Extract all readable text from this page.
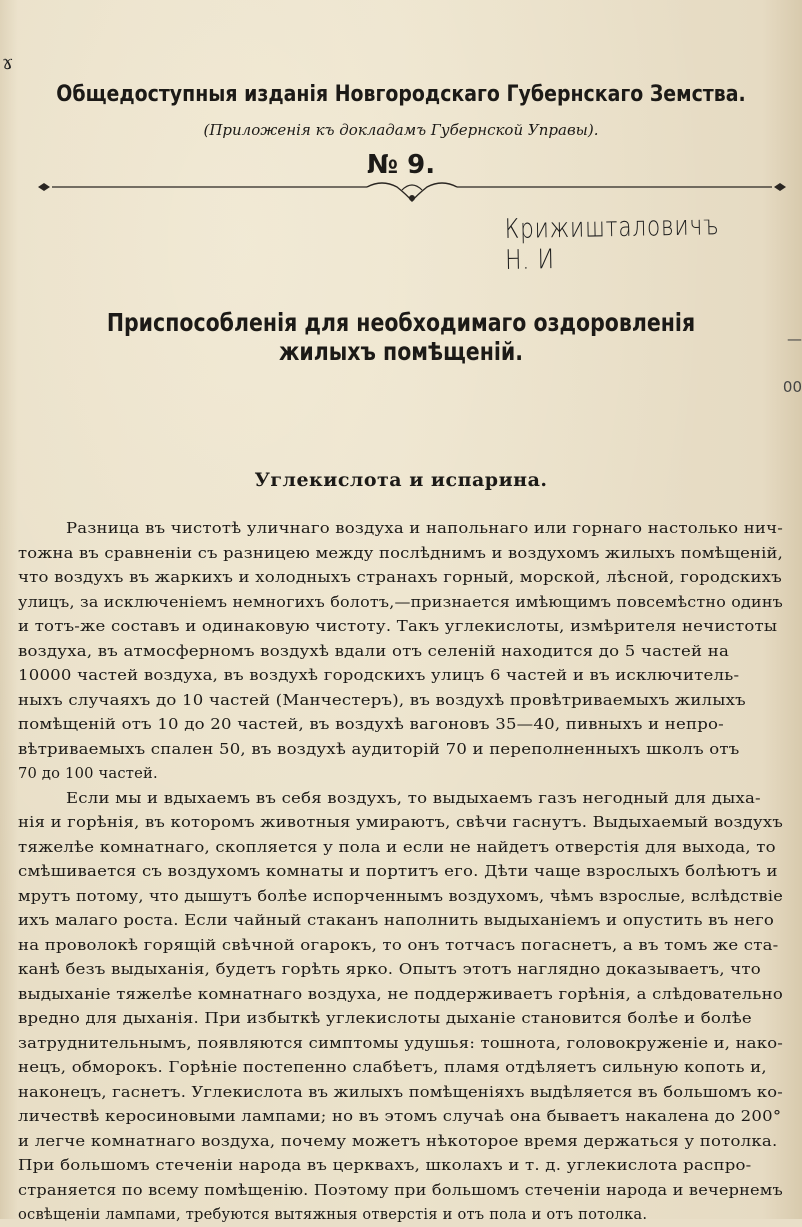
ɤ
Общедоступныя изданія Новгородскаго Губернскаго Земства.
(Приложенія къ докладамъ Губернской Управы).
№ 9.
Крижишталовичъ Н. И
Приспособленія для необходимаго оздоровленія жилыхъ помѣщеній.
Углекислота и испарина.
Разница въ чистотѣ уличнаго воздуха и напольнаго или горнаго настолько нич-
тожна въ сравненіи съ разницею между послѣднимъ и воздухомъ жилыхъ помѣщеній,
что воздухъ въ жаркихъ и холодныхъ странахъ горный, морской, лѣсной, городскихъ
улицъ, за исключеніемъ немногихъ болотъ,—признается имѣющимъ повсемѣстно одинъ
и тотъ-же составъ и одинаковую чистоту. Такъ углекислоты, измѣрителя нечистоты
воздуха, въ атмосферномъ воздухѣ вдали отъ селеній находится до 5 частей на
10000 частей воздуха, въ воздухѣ городскихъ улицъ 6 частей и въ исключитель-
ныхъ случаяхъ до 10 частей (Манчестеръ), въ воздухѣ провѣтриваемыхъ жилыхъ
помѣщеній отъ 10 до 20 частей, въ воздухѣ вагоновъ 35—40, пивныхъ и непро-
вѣтриваемыхъ спален 50, въ воздухѣ аудиторій 70 и переполненныхъ школъ отъ
70 до 100 частей.
Если мы и вдыхаемъ въ себя воздухъ, то выдыхаемъ газъ негодный для дыха-
нія и горѣнія, въ которомъ животныя умираютъ, свѣчи гаснутъ. Выдыхаемый воздухъ
тяжелѣе комнатнаго, скопляется у пола и если не найдетъ отверстія для выхода, то
смѣшивается съ воздухомъ комнаты и портитъ его. Дѣти чаще взрослыхъ болѣютъ и
мрутъ потому, что дышутъ болѣе испорченнымъ воздухомъ, чѣмъ взрослые, вслѣдствіе
ихъ малаго роста. Если чайный стаканъ наполнить выдыханіемъ и опустить въ него
на проволокѣ горящій свѣчной огарокъ, то онъ тотчасъ погаснетъ, а въ томъ же ста-
канѣ безъ выдыханія, будетъ горѣть ярко. Опытъ этотъ наглядно доказываетъ, что
выдыханіе тяжелѣе комнатнаго воздуха, не поддерживаетъ горѣнія, а слѣдовательно
вредно для дыханія. При избыткѣ углекислоты дыханіе становится болѣе и болѣе
затруднительнымъ, появляются симптомы удушья: тошнота, головокруженіе и, нако-
нецъ, обморокъ. Горѣніе постепенно слабѣетъ, пламя отдѣляетъ сильную копоть и,
наконецъ, гаснетъ. Углекислота въ жилыхъ помѣщеніяхъ выдѣляется въ большомъ ко-
личествѣ керосиновыми лампами; но въ этомъ случаѣ она бываетъ накалена до 200°
и легче комнатнаго воздуха, почему можетъ нѣкоторое время держаться у потолка.
При большомъ стеченіи народа въ церквахъ, школахъ и т. д. углекислота распро-
страняется по всему помѣщенію. Поэтому при большомъ стеченіи народа и вечернемъ
освѣщеніи лампами, требуются вытяжныя отверстія и отъ пола и отъ потолка.
—
00
